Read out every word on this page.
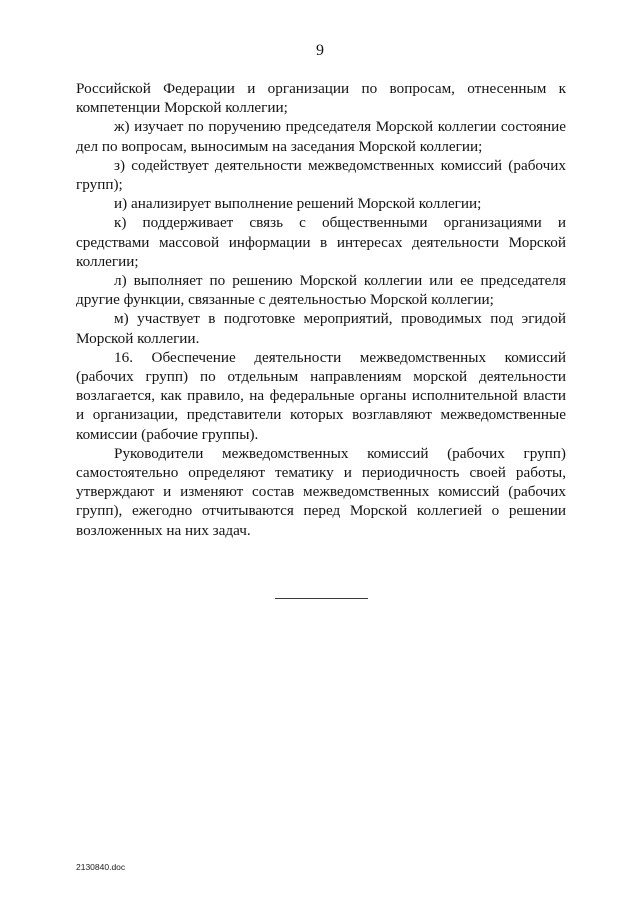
9

Российской Федерации и организации по вопросам, отнесенным к компетенции Морской коллегии;

ж) изучает по поручению председателя Морской коллегии состояние дел по вопросам, выносимым на заседания Морской коллегии;

з) содействует деятельности межведомственных комиссий (рабочих групп);

и) анализирует выполнение решений Морской коллегии;

к) поддерживает связь с общественными организациями и средствами массовой информации в интересах деятельности Морской коллегии;

л) выполняет по решению Морской коллегии или ее председателя другие функции, связанные с деятельностью Морской коллегии;

м) участвует в подготовке мероприятий, проводимых под эгидой Морской коллегии.

16. Обеспечение деятельности межведомственных комиссий (рабочих групп) по отдельным направлениям морской деятельности возлагается, как правило, на федеральные органы исполнительной власти и организации, представители которых возглавляют межведомственные комиссии (рабочие группы).

Руководители межведомственных комиссий (рабочих групп) самостоятельно определяют тематику и периодичность своей работы, утверждают и изменяют состав межведомственных комиссий (рабочих групп), ежегодно отчитываются перед Морской коллегией о решении возложенных на них задач.

2130840.doc
